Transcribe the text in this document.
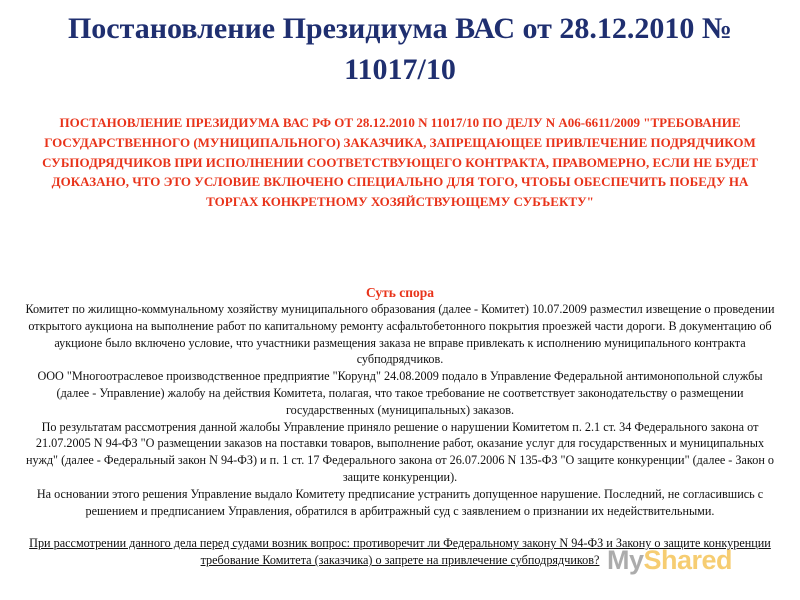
Постановление Президиума ВАС от 28.12.2010 № 11017/10
ПОСТАНОВЛЕНИЕ ПРЕЗИДИУМА ВАС РФ ОТ 28.12.2010 N 11017/10 ПО ДЕЛУ N А06-6611/2009 "ТРЕБОВАНИЕ ГОСУДАРСТВЕННОГО (МУНИЦИПАЛЬНОГО) ЗАКАЗЧИКА, ЗАПРЕЩАЮЩЕЕ ПРИВЛЕЧЕНИЕ ПОДРЯДЧИКОМ СУБПОДРЯДЧИКОВ ПРИ ИСПОЛНЕНИИ СООТВЕТСТВУЮЩЕГО КОНТРАКТА, ПРАВОМЕРНО, ЕСЛИ НЕ БУДЕТ ДОКАЗАНО, ЧТО ЭТО УСЛОВИЕ ВКЛЮЧЕНО СПЕЦИАЛЬНО ДЛЯ ТОГО, ЧТОБЫ ОБЕСПЕЧИТЬ ПОБЕДУ НА ТОРГАХ КОНКРЕТНОМУ ХОЗЯЙСТВУЮЩЕМУ СУБЪЕКТУ"
Суть спора

Комитет по жилищно-коммунальному хозяйству муниципального образования (далее - Комитет) 10.07.2009 разместил извещение о проведении открытого аукциона на выполнение работ по капитальному ремонту асфальтобетонного покрытия проезжей части дороги. В документацию об аукционе было включено условие, что участники размещения заказа не вправе привлекать к исполнению муниципального контракта субподрядчиков.

ООО "Многоотраслевое производственное предприятие "Корунд" 24.08.2009 подало в Управление Федеральной антимонопольной службы (далее - Управление) жалобу на действия Комитета, полагая, что такое требование не соответствует законодательству о размещении государственных (муниципальных) заказов.

По результатам рассмотрения данной жалобы Управление приняло решение о нарушении Комитетом п. 2.1 ст. 34 Федерального закона от 21.07.2005 N 94-ФЗ "О размещении заказов на поставки товаров, выполнение работ, оказание услуг для государственных и муниципальных нужд" (далее - Федеральный закон N 94-ФЗ) и п. 1 ст. 17 Федерального закона от 26.07.2006 N 135-ФЗ "О защите конкуренции" (далее - Закон о защите конкуренции).

На основании этого решения Управление выдало Комитету предписание устранить допущенное нарушение. Последний, не согласившись с решением и предписанием Управления, обратился в арбитражный суд с заявлением о признании их недействительными.

При рассмотрении данного дела перед судами возник вопрос: противоречит ли Федеральному закону N 94-ФЗ и Закону о защите конкуренции требование Комитета (заказчика) о запрете на привлечение субподрядчиков? MyShared
